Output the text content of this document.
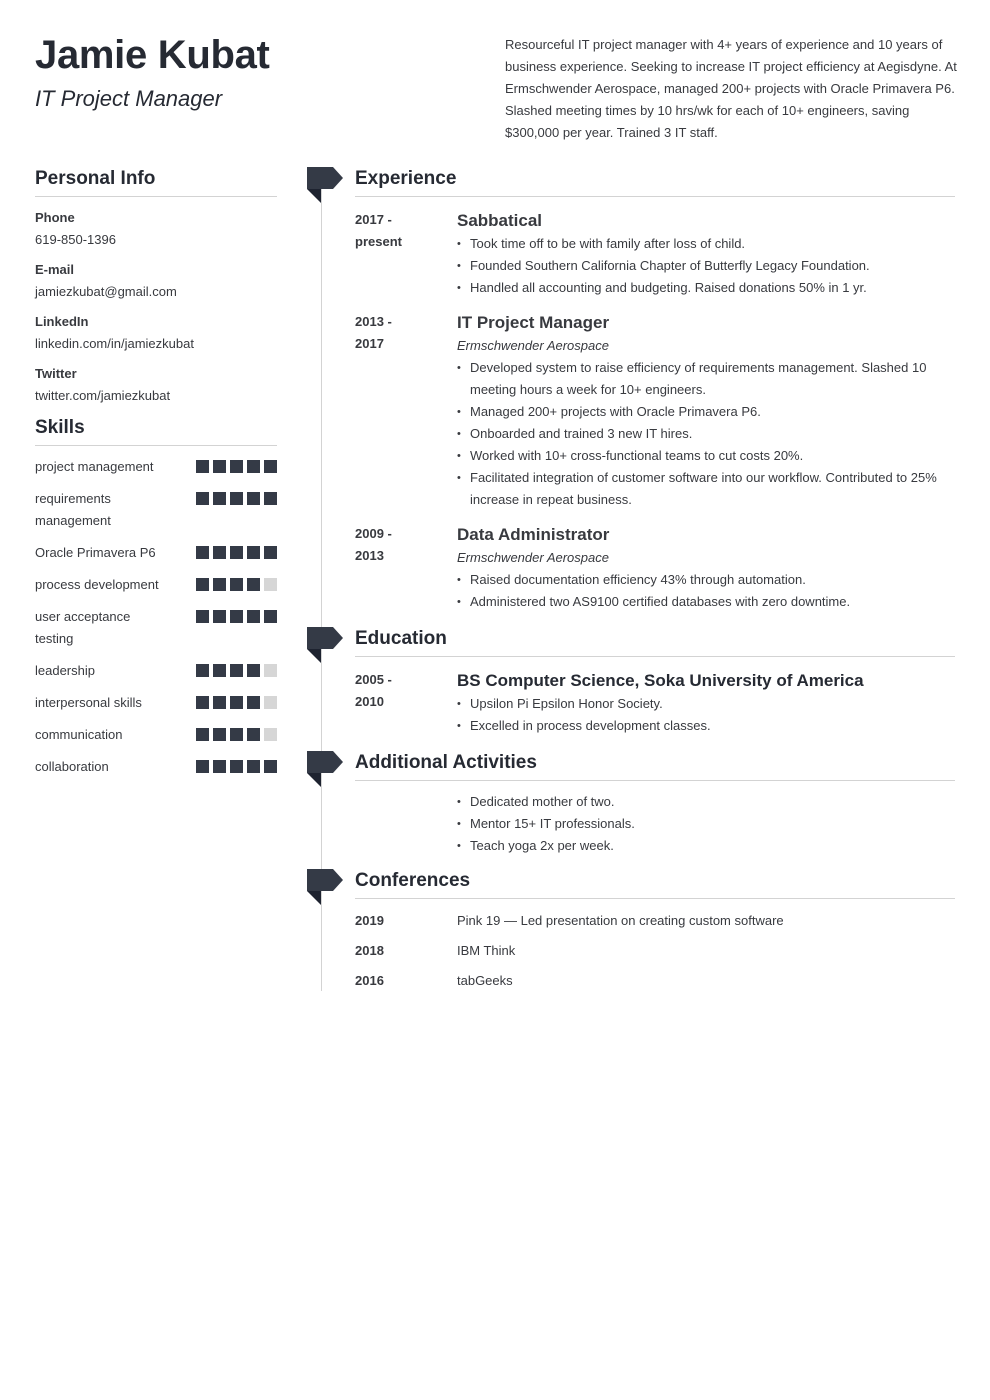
Jamie Kubat
IT Project Manager
Resourceful IT project manager with 4+ years of experience and 10 years of business experience. Seeking to increase IT project efficiency at Aegisdyne. At Ermschwender Aerospace, managed 200+ projects with Oracle Primavera P6. Slashed meeting times by 10 hrs/wk for each of 10+ engineers, saving $300,000 per year. Trained 3 IT staff.
Personal Info
Phone
619-850-1396
E-mail
jamiezkubat@gmail.com
LinkedIn
linkedin.com/in/jamiezkubat
Twitter
twitter.com/jamiezkubat
Skills
project management
requirements management
Oracle Primavera P6
process development
user acceptance testing
leadership
interpersonal skills
communication
collaboration
Experience
2017 -
present
Sabbatical
• Took time off to be with family after loss of child.
• Founded Southern California Chapter of Butterfly Legacy Foundation.
• Handled all accounting and budgeting. Raised donations 50% in 1 yr.
2013 -
2017
IT Project Manager
Ermschwender Aerospace
• Developed system to raise efficiency of requirements management. Slashed 10 meeting hours a week for 10+ engineers.
• Managed 200+ projects with Oracle Primavera P6.
• Onboarded and trained 3 new IT hires.
• Worked with 10+ cross-functional teams to cut costs 20%.
• Facilitated integration of customer software into our workflow. Contributed to 25% increase in repeat business.
2009 -
2013
Data Administrator
Ermschwender Aerospace
• Raised documentation efficiency 43% through automation.
• Administered two AS9100 certified databases with zero downtime.
Education
2005 -
2010
BS Computer Science, Soka University of America
• Upsilon Pi Epsilon Honor Society.
• Excelled in process development classes.
Additional Activities
• Dedicated mother of two.
• Mentor 15+ IT professionals.
• Teach yoga 2x per week.
Conferences
2019	Pink 19 — Led presentation on creating custom software
2018	IBM Think
2016	tabGeeks
